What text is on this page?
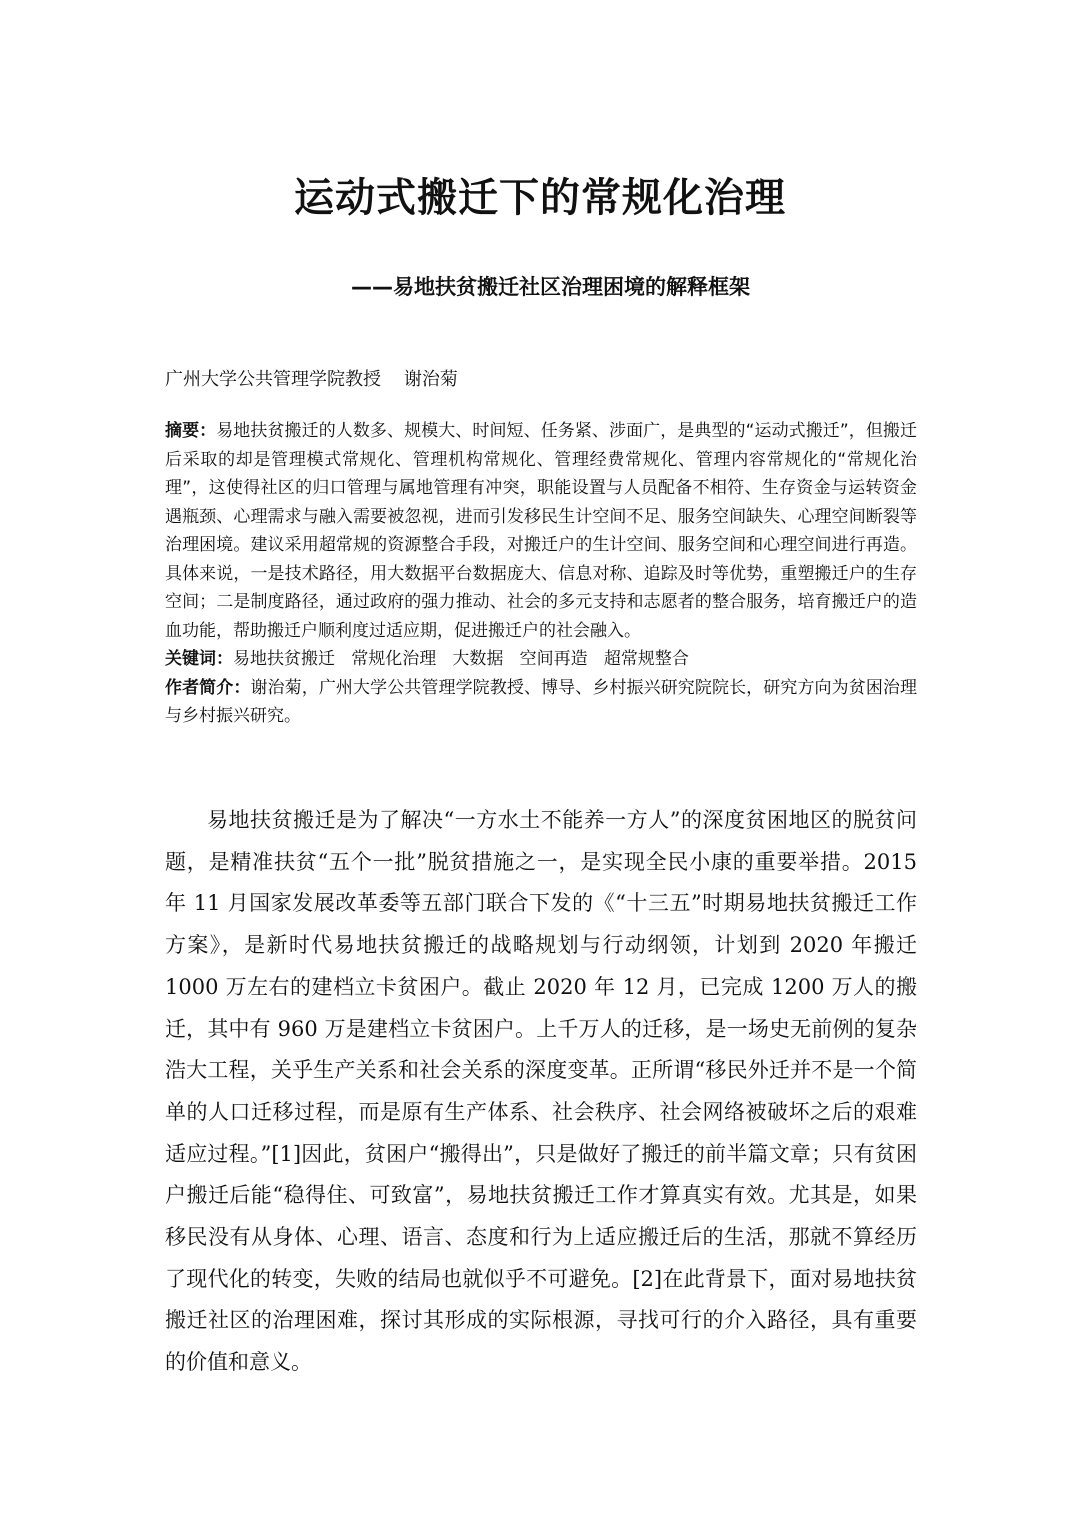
运动式搬迁下的常规化治理
——易地扶贫搬迁社区治理困境的解释框架

广州大学公共管理学院教授    谢治菊

摘要：易地扶贫搬迁的人数多、规模大、时间短、任务紧、涉面广，是典型的“运动式搬迁”，但搬迁后采取的却是管理模式常规化、管理机构常规化、管理经费常规化、管理内容常规化的“常规化治理”，这使得社区的归口管理与属地管理有冲突，职能设置与人员配备不相符、生存资金与运转资金遇瓶颈、心理需求与融入需要被忽视，进而引发移民生计空间不足、服务空间缺失、心理空间断裂等治理困境。建议采用超常规的资源整合手段，对搬迁户的生计空间、服务空间和心理空间进行再造。具体来说，一是技术路径，用大数据平台数据庞大、信息对称、追踪及时等优势，重塑搬迁户的生存空间；二是制度路径，通过政府的强力推动、社会的多元支持和志愿者的整合服务，培育搬迁户的造血功能，帮助搬迁户顺利度过适应期，促进搬迁户的社会融入。

关键词：易地扶贫搬迁   常规化治理   大数据   空间再造   超常规整合

作者简介：谢治菊，广州大学公共管理学院教授、博导、乡村振兴研究院院长，研究方向为贫困治理与乡村振兴研究。

易地扶贫搬迁是为了解决“一方水土不能养一方人”的深度贫困地区的脱贫问题，是精准扶贫“五个一批”脱贫措施之一，是实现全民小康的重要举措。2015 年 11 月国家发展改革委等五部门联合下发的《“十三五”时期易地扶贫搬迁工作方案》，是新时代易地扶贫搬迁的战略规划与行动纲领，计划到 2020 年搬迁 1000 万左右的建档立卡贫困户。截止 2020 年 12 月，已完成 1200 万人的搬迁，其中有 960 万是建档立卡贫困户。上千万人的迁移，是一场史无前例的复杂浩大工程，关乎生产关系和社会关系的深度变革。正所谓“移民外迁并不是一个简单的人口迁移过程，而是原有生产体系、社会秩序、社会网络被破坏之后的艰难适应过程。”[1]因此，贫困户“搬得出”，只是做好了搬迁的前半篇文章；只有贫困户搬迁后能“稳得住、可致富”，易地扶贫搬迁工作才算真实有效。尤其是，如果移民没有从身体、心理、语言、态度和行为上适应搬迁后的生活，那就不算经历了现代化的转变，失败的结局也就似乎不可避免。[2]在此背景下，面对易地扶贫搬迁社区的治理困难，探讨其形成的实际根源，寻找可行的介入路径，具有重要的价值和意义。
